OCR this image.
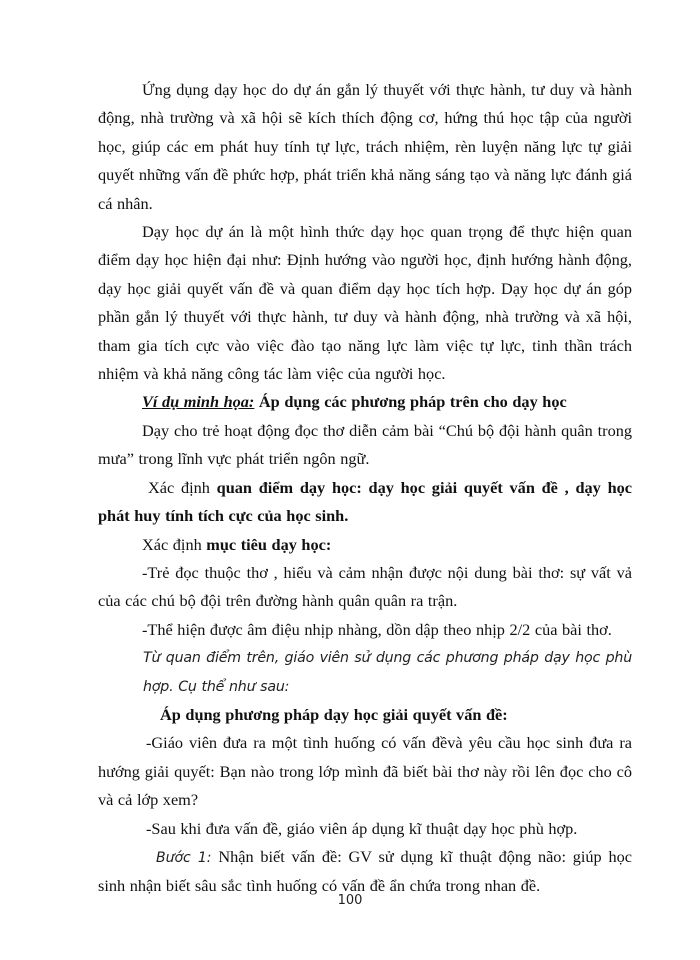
Ứng dụng dạy học do dự án gắn lý thuyết với thực hành, tư duy và hành động, nhà trường và xã hội sẽ kích thích động cơ, hứng thú học tập của người học, giúp các em phát huy tính tự lực, trách nhiệm, rèn luyện năng lực tự giải quyết những vấn đề phức hợp, phát triển khả năng sáng tạo và năng lực đánh giá cá nhân.

Dạy học dự án là một hình thức dạy học quan trọng để thực hiện quan điểm dạy học hiện đại như: Định hướng vào người học, định hướng hành động, dạy học giải quyết vấn đề và quan điểm dạy học tích hợp. Dạy học dự án góp phần gắn lý thuyết với thực hành, tư duy và hành động, nhà trường và xã hội, tham gia tích cực vào việc đào tạo năng lực làm việc tự lực, tinh thần trách nhiệm và khả năng công tác làm việc của người học.

Ví dụ minh họa: Áp dụng các phương pháp trên cho dạy học

Dạy cho trẻ hoạt động đọc thơ diễn cảm bài “Chú bộ đội hành quân trong mưa” trong lĩnh vực phát triển ngôn ngữ.

Xác định quan điểm dạy học: dạy học giải quyết vấn đề , dạy học phát huy tính tích cực của học sinh.

Xác định mục tiêu dạy học:

-Trẻ đọc thuộc thơ , hiểu và cảm nhận được nội dung bài thơ: sự vất vả của các chú bộ đội trên đường hành quân quân ra trận.

-Thể hiện được âm điệu nhịp nhàng, dồn dập theo nhịp 2/2 của bài thơ.

Từ quan điểm trên, giáo viên sử dụng các phương pháp dạy học phù hợp. Cụ thể như sau:

Áp dụng phương pháp dạy học giải quyết vấn đề:

-Giáo viên đưa ra một tình huống có vấn đềvà yêu cầu học sinh đưa ra hướng giải quyết: Bạn nào trong lớp mình đã biết bài thơ này rồi lên đọc cho cô và cả lớp xem?

-Sau khi đưa vấn đề, giáo viên áp dụng kĩ thuật dạy học phù hợp.

Bước 1: Nhận biết vấn đề: GV sử dụng kĩ thuật động não: giúp học sinh nhận biết sâu sắc tình huống có vấn đề ẩn chứa trong nhan đề.

100
